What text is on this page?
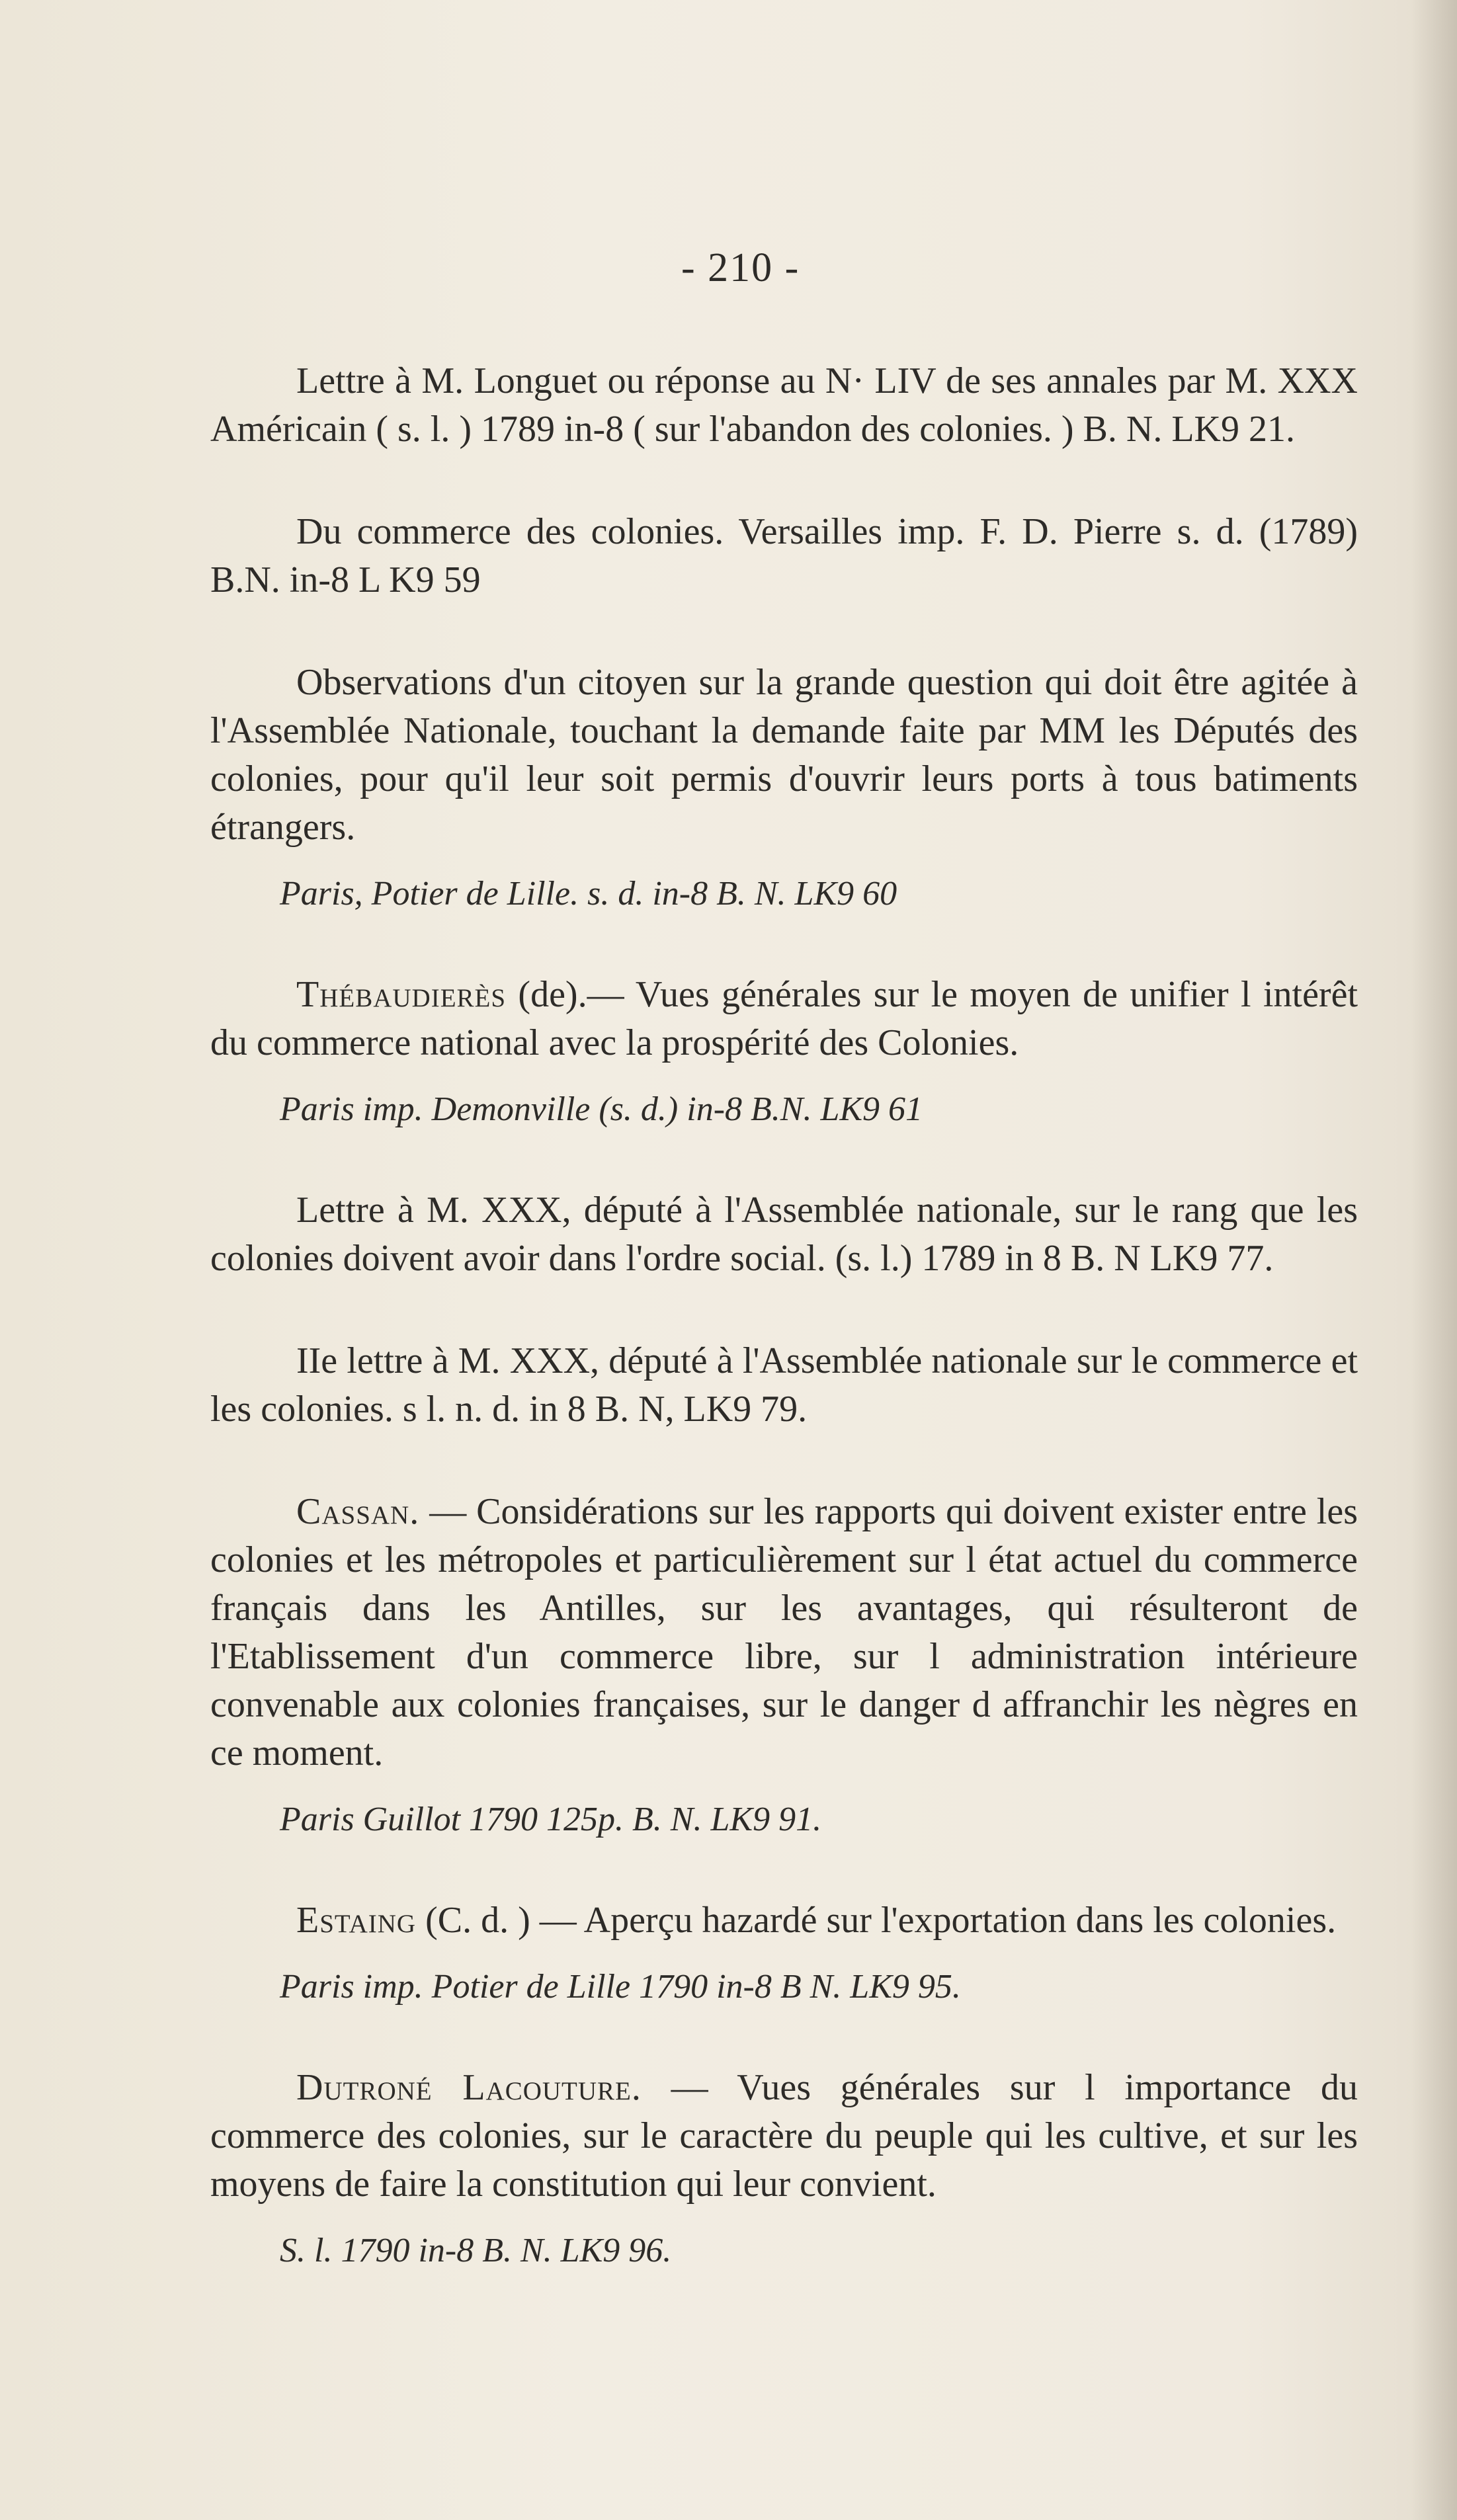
- 210 -

Lettre à M. Longuet ou réponse au N· LIV de ses annales par M. XXX Américain ( s. l. ) 1789 in-8 ( sur l'abandon des colonies. ) B. N. LK9 21.

Du commerce des colonies. Versailles imp. F. D. Pierre s. d. (1789) B.N. in-8 L K9 59

Observations d'un citoyen sur la grande question qui doit être agitée à l'Assemblée Nationale, touchant la demande faite par MM les Députés des colonies, pour qu'il leur soit permis d'ouvrir leurs ports à tous batiments étrangers.

Paris, Potier de Lille. s. d. in-8 B. N. LK9 60

Thébaudierès (de).— Vues générales sur le moyen de unifier l intérêt du commerce national avec la prospérité des Colonies.

Paris imp. Demonville (s. d.) in-8 B.N. LK9 61

Lettre à M. XXX, député à l'Assemblée nationale, sur le rang que les colonies doivent avoir dans l'ordre social. (s. l.) 1789 in 8 B. N LK9 77.

IIe lettre à M. XXX, député à l'Assemblée nationale sur le commerce et les colonies. s l. n. d. in 8 B. N, LK9 79.

Cassan. — Considérations sur les rapports qui doivent exister entre les colonies et les métropoles et particulièrement sur l état actuel du commerce français dans les Antilles, sur les avantages, qui résulteront de l'Etablissement d'un commerce libre, sur l administration intérieure convenable aux colonies françaises, sur le danger d affranchir les nègres en ce moment.

Paris Guillot 1790 125p. B. N. LK9 91.

Estaing (C. d. ) — Aperçu hazardé sur l'exportation dans les colonies.

Paris imp. Potier de Lille 1790 in-8 B N. LK9 95.

Dutroné Lacouture. — Vues générales sur l importance du commerce des colonies, sur le caractère du peuple qui les cultive, et sur les moyens de faire la constitution qui leur convient.

S. l. 1790 in-8 B. N. LK9 96.
